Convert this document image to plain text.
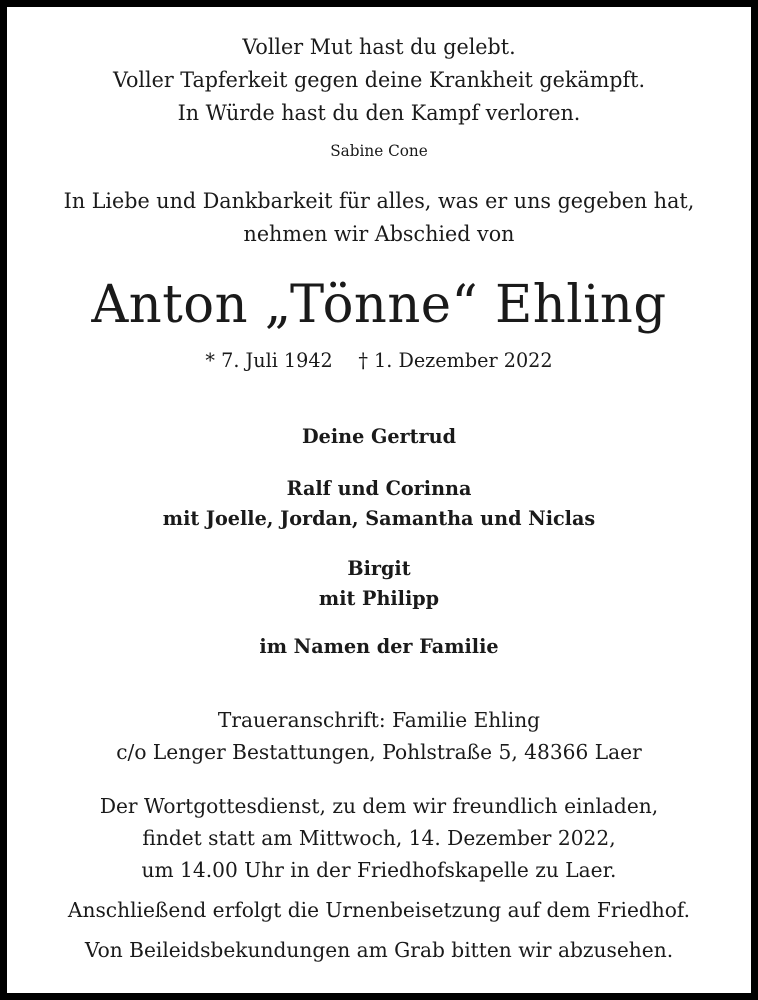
Voller Mut hast du gelebt.
Voller Tapferkeit gegen deine Krankheit gekämpft.
In Würde hast du den Kampf verloren.
Sabine Cone
In Liebe und Dankbarkeit für alles, was er uns gegeben hat,
nehmen wir Abschied von
Anton „Tönne“ Ehling
* 7. Juli 1942 † 1. Dezember 2022
Deine Gertrud
Ralf und Corinna
mit Joelle, Jordan, Samantha und Niclas
Birgit
mit Philipp
im Namen der Familie
Traueranschrift: Familie Ehling
c/o Lenger Bestattungen, Pohlstraße 5, 48366 Laer
Der Wortgottesdienst, zu dem wir freundlich einladen,
findet statt am Mittwoch, 14. Dezember 2022,
um 14.00 Uhr in der Friedhofskapelle zu Laer.
Anschließend erfolgt die Urnenbeisetzung auf dem Friedhof.
Von Beileidsbekundungen am Grab bitten wir abzusehen.
